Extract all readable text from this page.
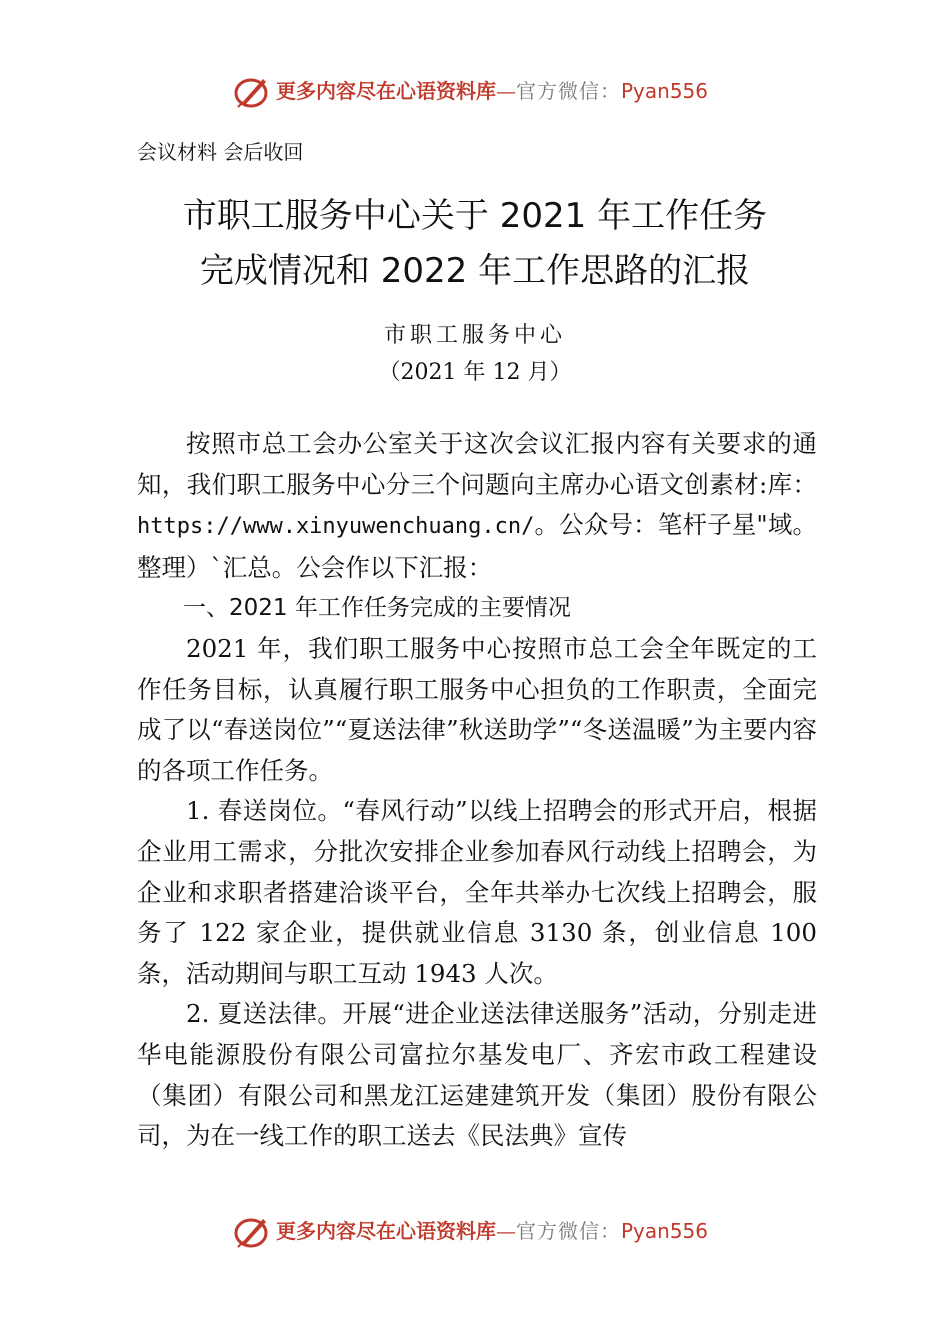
更多内容尽在心语资料库—官方微信：Pyan556
会议材料 会后收回
市职工服务中心关于 2021 年工作任务
完成情况和 2022 年工作思路的汇报
市职工服务中心
（2021 年 12 月）

按照市总工会办公室关于这次会议汇报内容有关要求的通知，我们职工服务中心分三个问题向主席办心语文创素材:库：https://www.xinyuwenchuang.cn/。公众号：笔杆子星"域。整理）`汇总。公会作以下汇报：

一、2021 年工作任务完成的主要情况

2021 年，我们职工服务中心按照市总工会全年既定的工作任务目标，认真履行职工服务中心担负的工作职责，全面完成了以“春送岗位”“夏送法律”秋送助学”“冬送温暖”为主要内容的各项工作任务。

1. 春送岗位。“春风行动”以线上招聘会的形式开启，根据企业用工需求，分批次安排企业参加春风行动线上招聘会，为企业和求职者搭建洽谈平台，全年共举办七次线上招聘会，服务了 122 家企业，提供就业信息 3130 条，创业信息 100 条，活动期间与职工互动 1943 人次。

2. 夏送法律。开展“进企业送法律送服务”活动，分别走进华电能源股份有限公司富拉尔基发电厂、齐宏市政工程建设（集团）有限公司和黑龙江运建建筑开发（集团）股份有限公司，为在一线工作的职工送去《民法典》宣传

更多内容尽在心语资料库—官方微信：Pyan556
